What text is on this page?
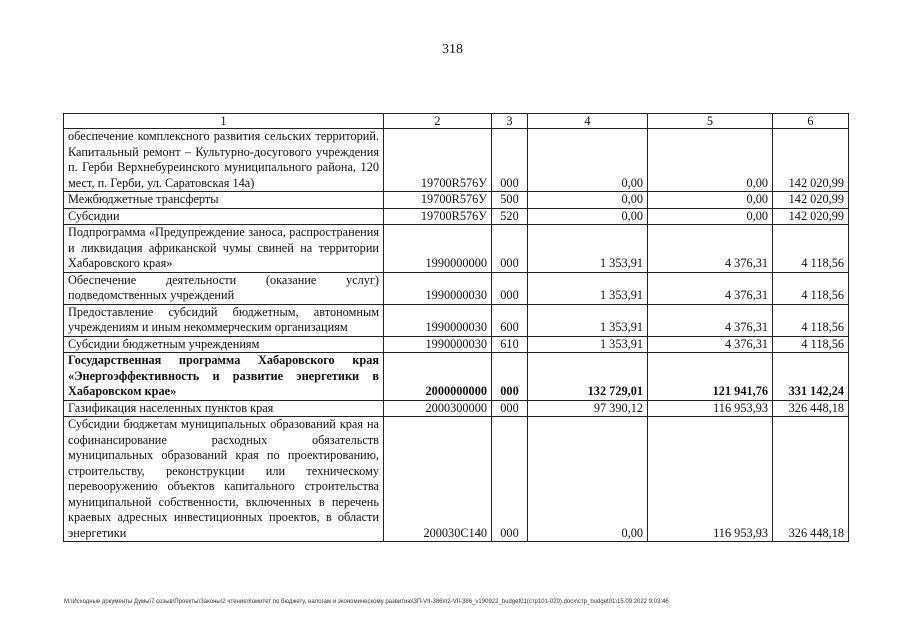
318
1	2	3	4	5	6
обеспечение комплексного развития сельских территорий. Капитальный ремонт – Культурно-досугового учреждения п. Герби Верхнебуреинского муниципального района, 120 мест, п. Герби, ул. Саратовская 14а)	19700R576У	000	0,00	0,00	142 020,99
Межбюджетные трансферты	19700R576У	500	0,00	0,00	142 020,99
Субсидии	19700R576У	520	0,00	0,00	142 020,99
Подпрограмма «Предупреждение заноса, распространения и ликвидация африканской чумы свиней на территории Хабаровского края»	1990000000	000	1 353,91	4 376,31	4 118,56
Обеспечение деятельности (оказание услуг) подведомственных учреждений	1990000030	000	1 353,91	4 376,31	4 118,56
Предоставление субсидий бюджетным, автономным учреждениям и иным некоммерческим организациям	1990000030	600	1 353,91	4 376,31	4 118,56
Субсидии бюджетным учреждениям	1990000030	610	1 353,91	4 376,31	4 118,56
Государственная программа Хабаровского края «Энергоэффективность и развитие энергетики в Хабаровском крае»	2000000000	000	132 729,01	121 941,76	331 142,24
Газификация населенных пунктов края	2000300000	000	97 390,12	116 953,93	326 448,18
Субсидии бюджетам муниципальных образований края на софинансирование расходных обязательств муниципальных образований края по проектированию, строительству, реконструкции или техническому перевооружению объектов капитального строительства муниципальной собственности, включенных в перечень краевых адресных инвестиционных проектов, в области энергетики	200030С140	000	0,00	116 953,93	326 448,18
М:\Исходные документы Думы\7 созыв\Проекты\Законы\2 чтение\Комитет по бюджету, налогам и экономическому развитию\3П-VII-386\п2-VII-386_v190922_budget01(стр101-020).docx\стр_budget01\15.09.2022 9:03:46
